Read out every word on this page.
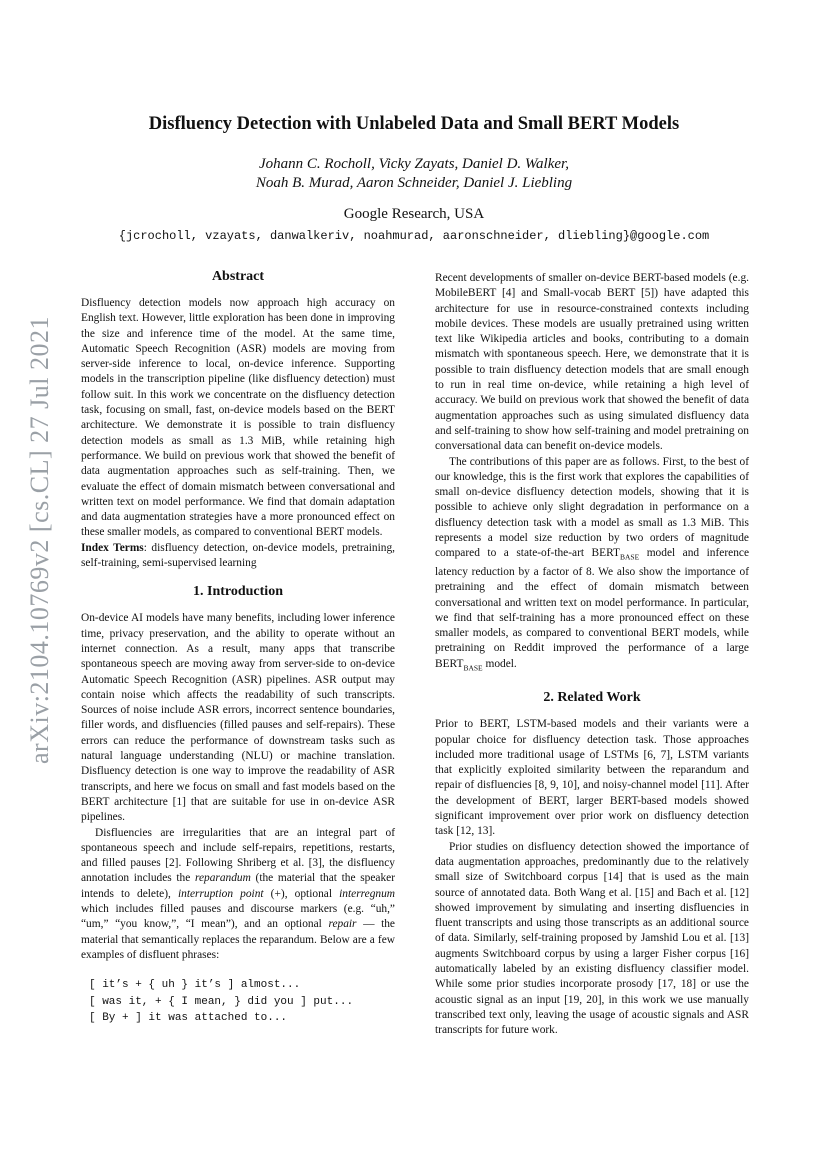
arXiv:2104.10769v2 [cs.CL] 27 Jul 2021
Disfluency Detection with Unlabeled Data and Small BERT Models
Johann C. Rocholl, Vicky Zayats, Daniel D. Walker,
Noah B. Murad, Aaron Schneider, Daniel J. Liebling
Google Research, USA
{jcrocholl, vzayats, danwalkeriv, noahmurad, aaronschneider, dliebling}@google.com
Abstract

Disfluency detection models now approach high accuracy on English text. However, little exploration has been done in improving the size and inference time of the model. At the same time, Automatic Speech Recognition (ASR) models are moving from server-side inference to local, on-device inference. Supporting models in the transcription pipeline (like disfluency detection) must follow suit. In this work we concentrate on the disfluency detection task, focusing on small, fast, on-device models based on the BERT architecture. We demonstrate it is possible to train disfluency detection models as small as 1.3 MiB, while retaining high performance. We build on previous work that showed the benefit of data augmentation approaches such as self-training. Then, we evaluate the effect of domain mismatch between conversational and written text on model performance. We find that domain adaptation and data augmentation strategies have a more pronounced effect on these smaller models, as compared to conventional BERT models.

Index Terms: disfluency detection, on-device models, pretraining, self-training, semi-supervised learning

1. Introduction

On-device AI models have many benefits, including lower inference time, privacy preservation, and the ability to operate without an internet connection. As a result, many apps that transcribe spontaneous speech are moving away from server-side to on-device Automatic Speech Recognition (ASR) pipelines. ASR output may contain noise which affects the readability of such transcripts. Sources of noise include ASR errors, incorrect sentence boundaries, filler words, and disfluencies (filled pauses and self-repairs). These errors can reduce the performance of downstream tasks such as natural language understanding (NLU) or machine translation. Disfluency detection is one way to improve the readability of ASR transcripts, and here we focus on small and fast models based on the BERT architecture [1] that are suitable for use in on-device ASR pipelines.

Disfluencies are irregularities that are an integral part of spontaneous speech and include self-repairs, repetitions, restarts, and filled pauses [2]. Following Shriberg et al. [3], the disfluency annotation includes the reparandum (the material that the speaker intends to delete), interruption point (+), optional interregnum which includes filled pauses and discourse markers (e.g. “uh,” “um,” “you know,”, “I mean”), and an optional repair — the material that semantically replaces the reparandum. Below are a few examples of disfluent phrases:

[ it’s + { uh } it’s ] almost...
[ was it, + { I mean, } did you ] put...
[ By + ] it was attached to...

Recent developments of smaller on-device BERT-based models (e.g. MobileBERT [4] and Small-vocab BERT [5]) have adapted this architecture for use in resource-constrained contexts including mobile devices. These models are usually pretrained using written text like Wikipedia articles and books, contributing to a domain mismatch with spontaneous speech. Here, we demonstrate that it is possible to train disfluency detection models that are small enough to run in real time on-device, while retaining a high level of accuracy. We build on previous work that showed the benefit of data augmentation approaches such as using simulated disfluency data and self-training to show how self-training and model pretraining on conversational data can benefit on-device models.

The contributions of this paper are as follows. First, to the best of our knowledge, this is the first work that explores the capabilities of small on-device disfluency detection models, showing that it is possible to achieve only slight degradation in performance on a disfluency detection task with a model as small as 1.3 MiB. This represents a model size reduction by two orders of magnitude compared to a state-of-the-art $BERT_{BASE}$ model and inference latency reduction by a factor of 8. We also show the importance of pretraining and the effect of domain mismatch between conversational and written text on model performance. In particular, we find that self-training has a more pronounced effect on these smaller models, as compared to conventional BERT models, while pretraining on Reddit improved the performance of a large $BERT_{BASE}$ model.

2. Related Work

Prior to BERT, LSTM-based models and their variants were a popular choice for disfluency detection task. Those approaches included more traditional usage of LSTMs [6, 7], LSTM variants that explicitly exploited similarity between the reparandum and repair of disfluencies [8, 9, 10], and noisy-channel model [11]. After the development of BERT, larger BERT-based models showed significant improvement over prior work on disfluency detection task [12, 13].

Prior studies on disfluency detection showed the importance of data augmentation approaches, predominantly due to the relatively small size of Switchboard corpus [14] that is used as the main source of annotated data. Both Wang et al. [15] and Bach et al. [12] showed improvement by simulating and inserting disfluencies in fluent transcripts and using those transcripts as an additional source of data. Similarly, self-training proposed by Jamshid Lou et al. [13] augments Switchboard corpus by using a larger Fisher corpus [16] automatically labeled by an existing disfluency classifier model. While some prior studies incorporate prosody [17, 18] or use the acoustic signal as an input [19, 20], in this work we use manually transcribed text only, leaving the usage of acoustic signals and ASR transcripts for future work.
